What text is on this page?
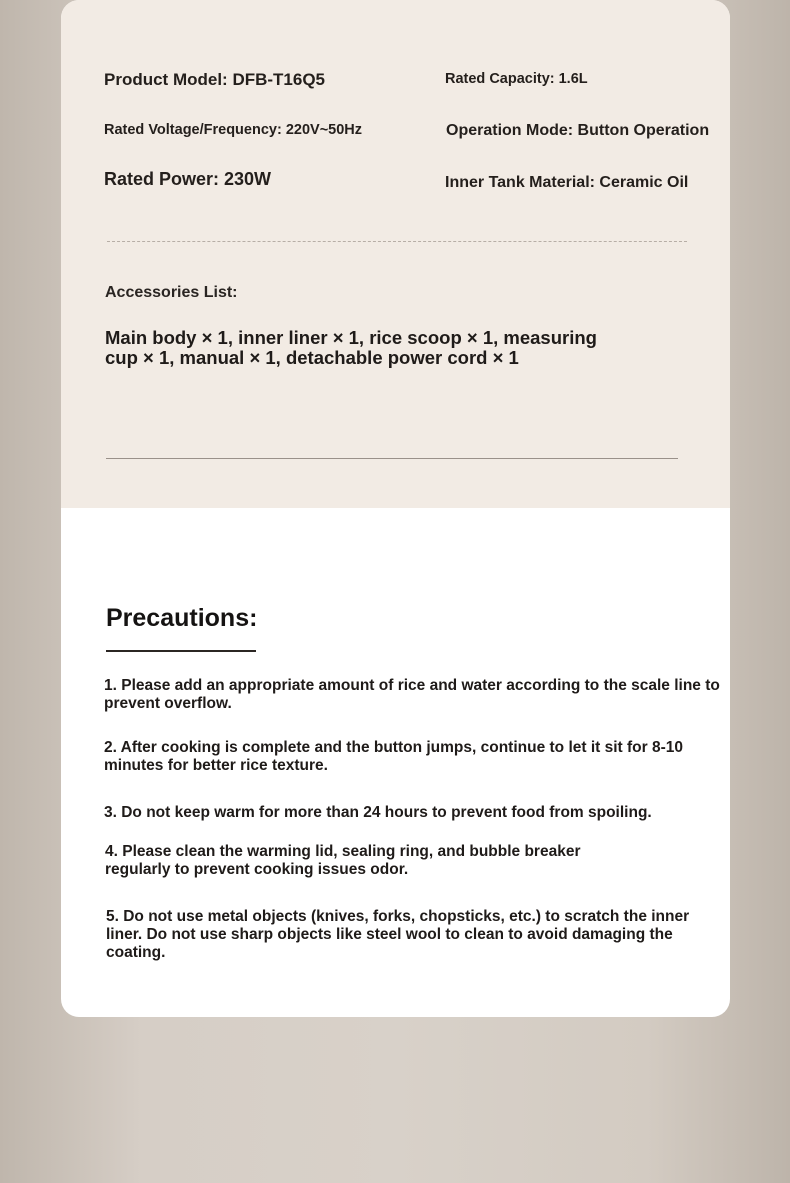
Product Model: DFB-T16Q5	Rated Capacity: 1.6L
Rated Voltage/Frequency: 220V~50Hz	Operation Mode: Button Operation
Rated Power: 230W	Inner Tank Material: Ceramic Oil
Accessories List:
Main body × 1, inner liner × 1, rice scoop × 1, measuring cup × 1, manual × 1, detachable power cord × 1
Precautions:
1. Please add an appropriate amount of rice and water according to the scale line to prevent overflow.
2. After cooking is complete and the button jumps, continue to let it sit for 8-10 minutes for better rice texture.
3. Do not keep warm for more than 24 hours to prevent food from spoiling.
4. Please clean the warming lid, sealing ring, and bubble breaker regularly to prevent cooking issues odor.
5. Do not use metal objects (knives, forks, chopsticks, etc.) to scratch the inner liner. Do not use sharp objects like steel wool to clean to avoid damaging the coating.
